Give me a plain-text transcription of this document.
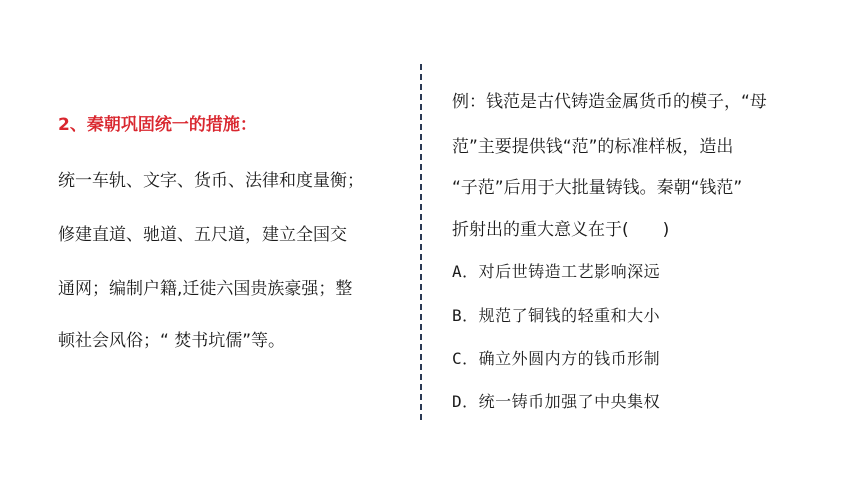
2、秦朝巩固统一的措施：
统一车轨、文字、货币、法律和度量衡；
修建直道、驰道、五尺道，建立全国交
通网；编制户籍,迁徙六国贵族豪强；整
顿社会风俗；“ 焚书坑儒”等。
例：钱范是古代铸造金属货币的模子，“母
范”主要提供钱“范”的标准样板，造出
“子范”后用于大批量铸钱。秦朝“钱范”
折射出的重大意义在于(　　)
A．对后世铸造工艺影响深远
B．规范了铜钱的轻重和大小
C．确立外圆内方的钱币形制
D．统一铸币加强了中央集权
